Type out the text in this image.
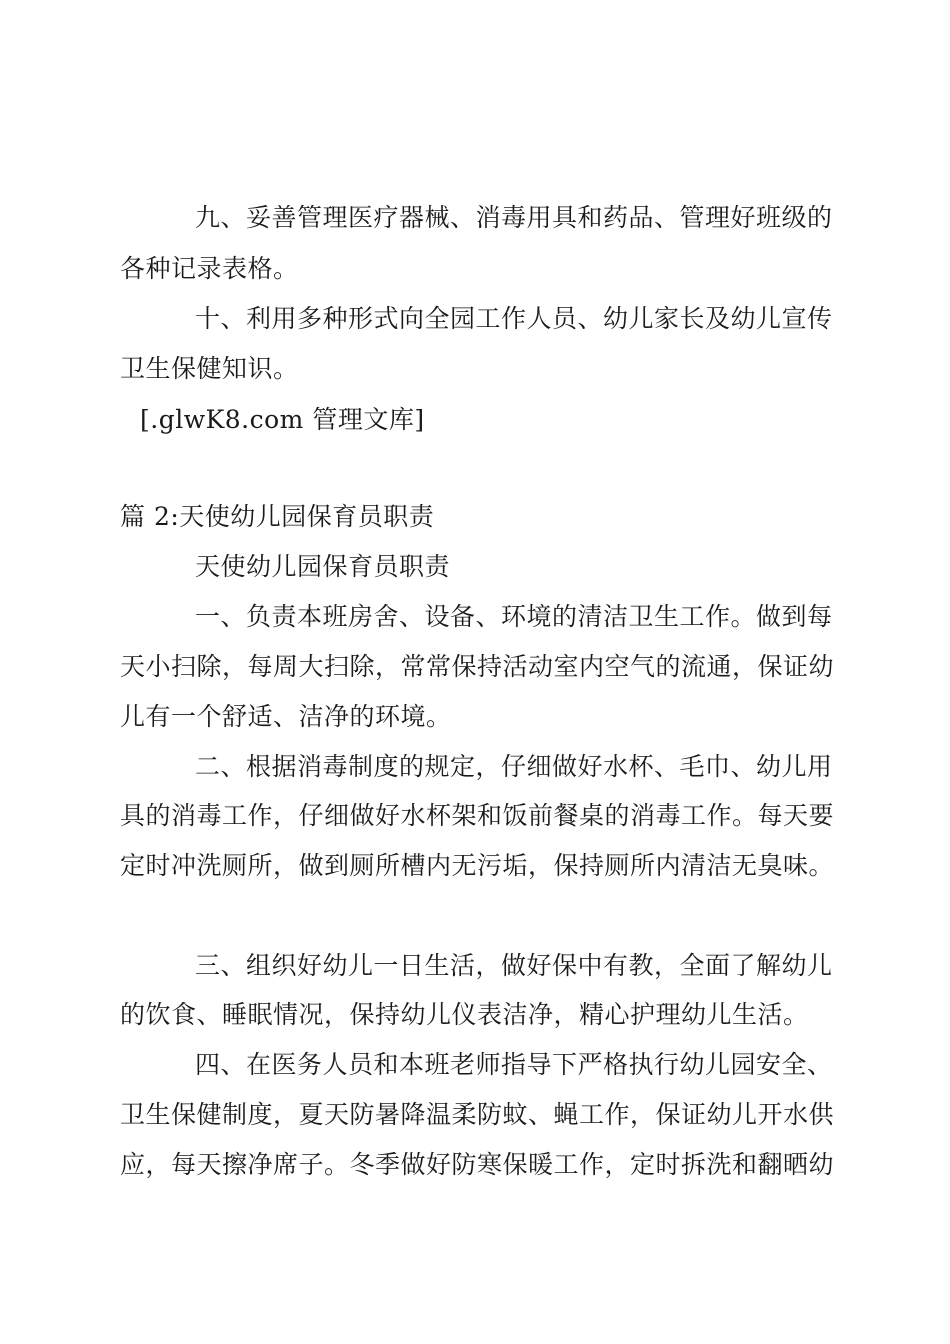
九、妥善管理医疗器械、消毒用具和药品、管理好班级的
各种记录表格。
十、利用多种形式向全园工作人员、幼儿家长及幼儿宣传
卫生保健知识。
[.glwK8.com 管理文库]
篇 2:天使幼儿园保育员职责
天使幼儿园保育员职责
一、负责本班房舍、设备、环境的清洁卫生工作。做到每
天小扫除，每周大扫除，常常保持活动室内空气的流通，保证幼
儿有一个舒适、洁净的环境。
二、根据消毒制度的规定，仔细做好水杯、毛巾、幼儿用
具的消毒工作，仔细做好水杯架和饭前餐桌的消毒工作。每天要
定时冲洗厕所，做到厕所槽内无污垢，保持厕所内清洁无臭味。
三、组织好幼儿一日生活，做好保中有教，全面了解幼儿
的饮食、睡眠情况，保持幼儿仪表洁净，精心护理幼儿生活。
四、在医务人员和本班老师指导下严格执行幼儿园安全、
卫生保健制度，夏天防暑降温柔防蚊、蝇工作，保证幼儿开水供
应，每天擦净席子。冬季做好防寒保暖工作，定时拆洗和翻晒幼
